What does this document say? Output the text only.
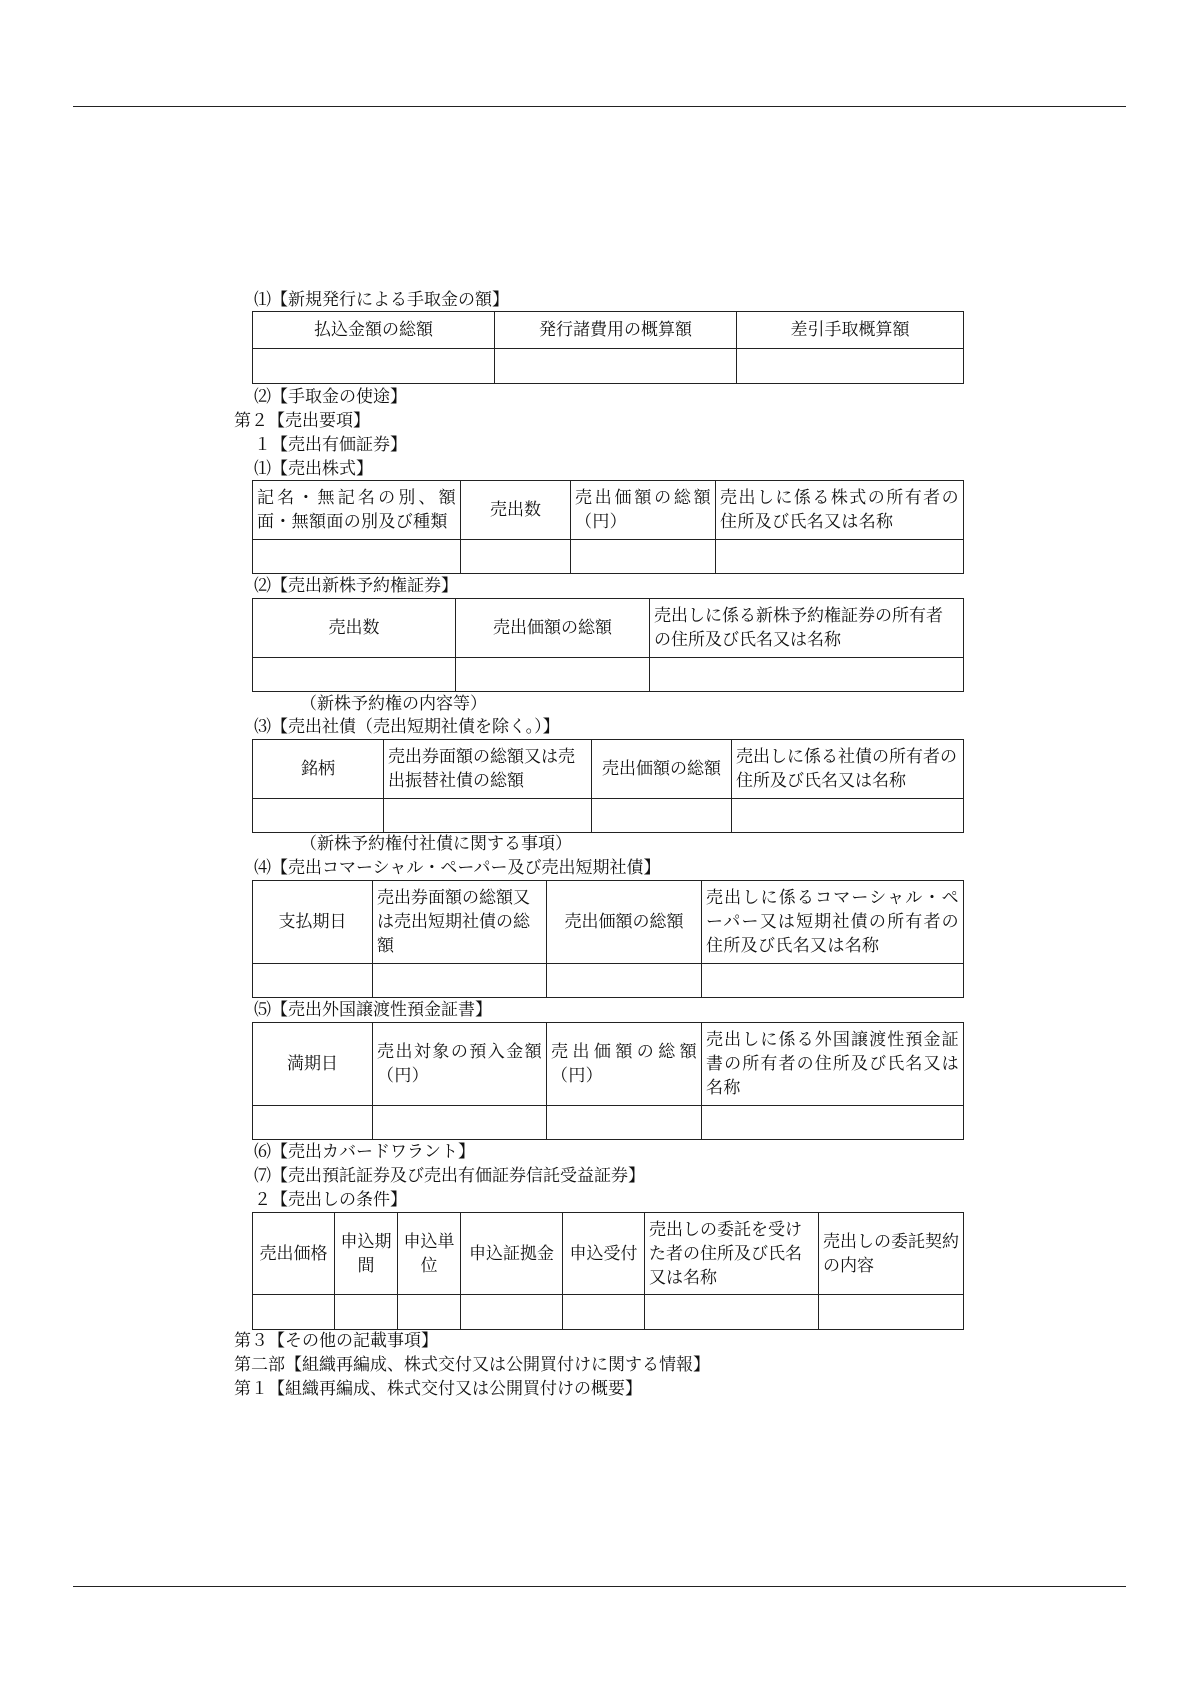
⑴【新規発行による手取金の額】
払込金額の総額	発行諸費用の概算額	差引手取概算額

⑵【手取金の使途】
第２【売出要項】
１【売出有価証券】
⑴【売出株式】
記名・無記名の別、額面・無額面の別及び種類	売出数	売出価額の総額（円）	売出しに係る株式の所有者の住所及び氏名又は名称

⑵【売出新株予約権証券】
売出数	売出価額の総額	売出しに係る新株予約権証券の所有者の住所及び氏名又は名称

（新株予約権の内容等）
⑶【売出社債（売出短期社債を除く。）】
銘柄	売出券面額の総額又は売出振替社債の総額	売出価額の総額	売出しに係る社債の所有者の住所及び氏名又は名称

（新株予約権付社債に関する事項）
⑷【売出コマーシャル・ペーパー及び売出短期社債】
支払期日	売出券面額の総額又は売出短期社債の総額	売出価額の総額	売出しに係るコマーシャル・ペーパー又は短期社債の所有者の住所及び氏名又は名称

⑸【売出外国譲渡性預金証書】
満期日	売出対象の預入金額（円）	売出価額の総額（円）	売出しに係る外国譲渡性預金証書の所有者の住所及び氏名又は名称

⑹【売出カバードワラント】
⑺【売出預託証券及び売出有価証券信託受益証券】
２【売出しの条件】
売出価格	申込期間	申込単位	申込証拠金	申込受付	売出しの委託を受けた者の住所及び氏名又は名称	売出しの委託契約の内容

第３【その他の記載事項】
第二部【組織再編成、株式交付又は公開買付けに関する情報】
第１【組織再編成、株式交付又は公開買付けの概要】
